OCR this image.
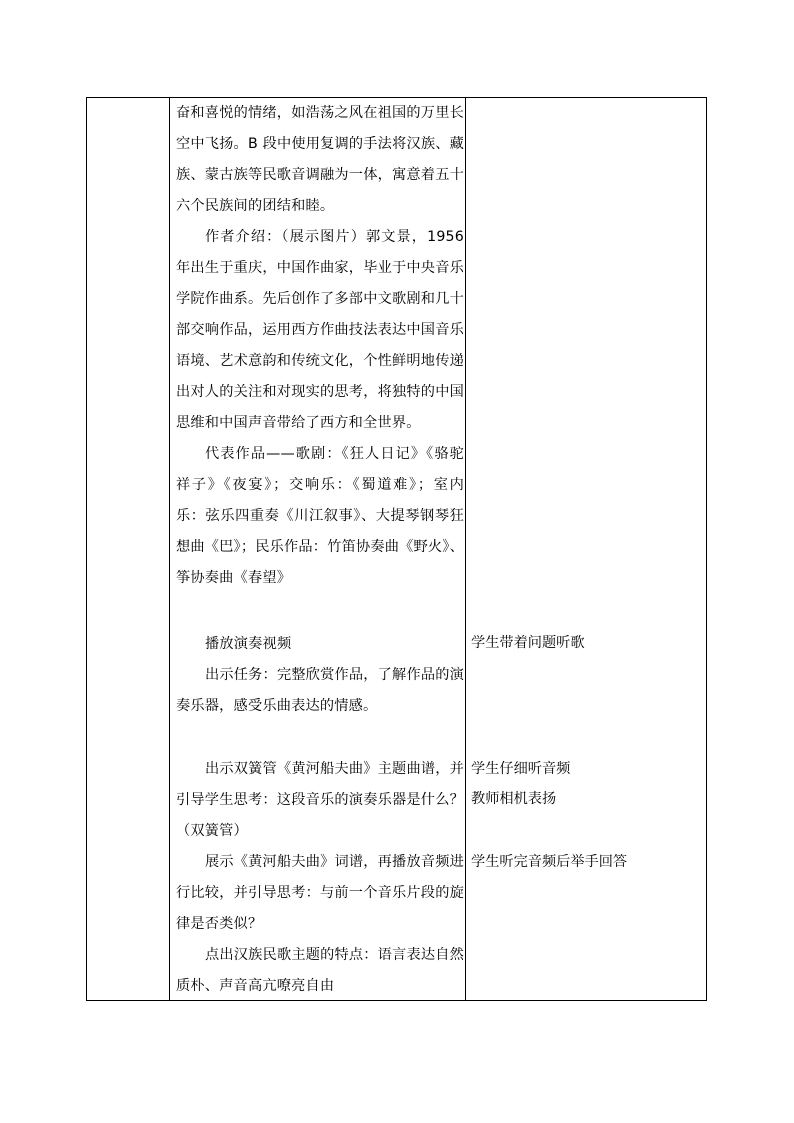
奋和喜悦的情绪，如浩荡之风在祖国的万里长空中飞扬。B 段中使用复调的手法将汉族、藏族、蒙古族等民歌音调融为一体，寓意着五十六个民族间的团结和睦。
作者介绍：（展示图片）郭文景，1956 年出生于重庆，中国作曲家，毕业于中央音乐学院作曲系。先后创作了多部中文歌剧和几十部交响作品，运用西方作曲技法表达中国音乐语境、艺术意韵和传统文化，个性鲜明地传递出对人的关注和对现实的思考，将独特的中国思维和中国声音带给了西方和全世界。
代表作品——歌剧：《狂人日记》《骆驼祥子》《夜宴》；交响乐：《蜀道难》；室内乐：弦乐四重奏《川江叙事》、大提琴钢琴狂想曲《巴》；民乐作品：竹笛协奏曲《野火》、筝协奏曲《春望》
播放演奏视频
出示任务：完整欣赏作品，了解作品的演奏乐器，感受乐曲表达的情感。
出示双簧管《黄河船夫曲》主题曲谱，并引导学生思考：这段音乐的演奏乐器是什么？（双簧管）
展示《黄河船夫曲》词谱，再播放音频进行比较，并引导思考：与前一个音乐片段的旋律是否类似？
点出汉族民歌主题的特点：语言表达自然质朴、声音高亢嘹亮自由
学生带着问题听歌
学生仔细听音频
教师相机表扬
学生听完音频后举手回答
